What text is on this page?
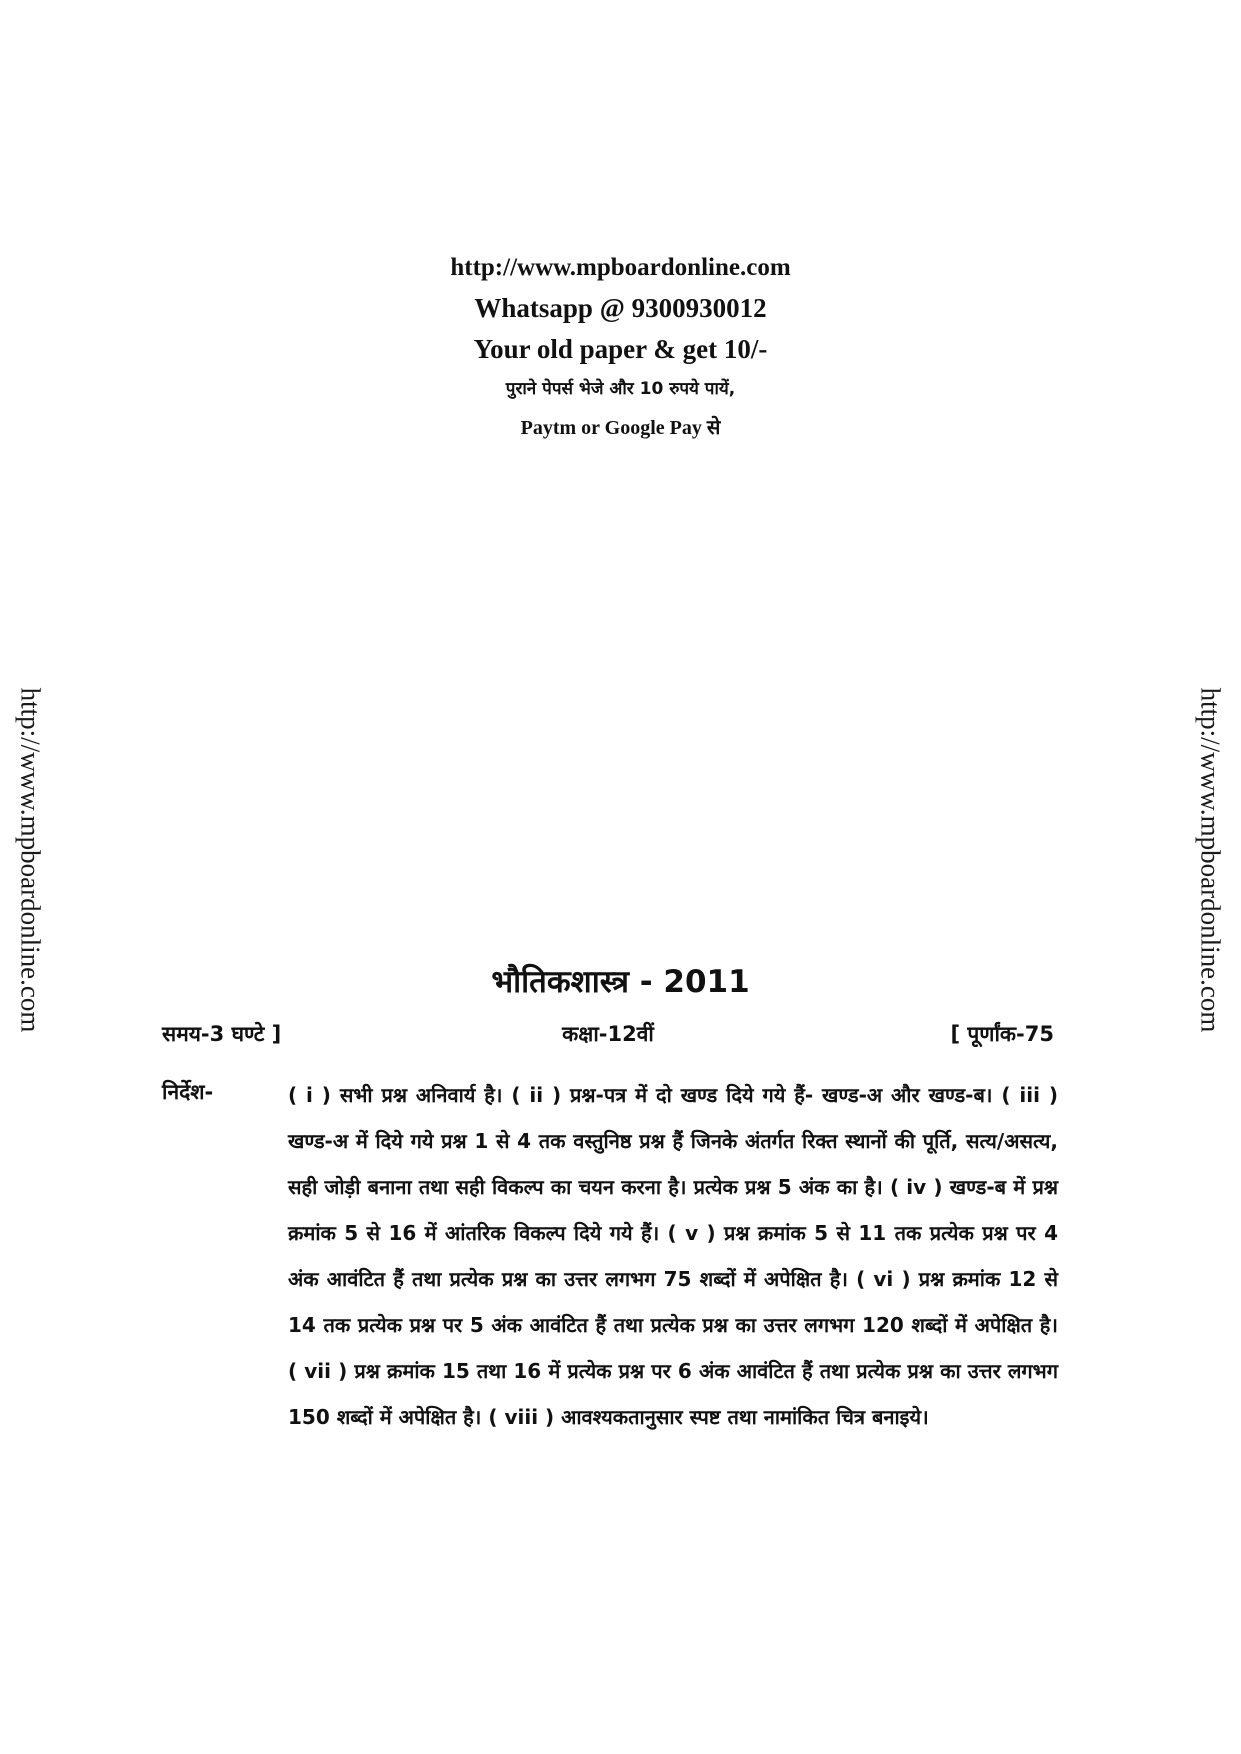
http://www.mpboardonline.com
Whatsapp @ 9300930012
Your old paper & get 10/-
पुराने पेपर्स भेजे और 10 रुपये पायें,
Paytm or Google Pay से
http://www.mpboardonline.com	http://www.mpboardonline.com
भौतिकशास्त्र - 2011
समय-3 घण्टे ]	कक्षा-12वीं	[ पूर्णांक-75
निर्देश-	( i ) सभी प्रश्न अनिवार्य है। ( ii ) प्रश्न-पत्र में दो खण्ड दिये गये हैं- खण्ड-अ और खण्ड-ब। ( iii ) खण्ड-अ में दिये गये प्रश्न 1 से 4 तक वस्तुनिष्ठ प्रश्न हैं जिनके अंतर्गत रिक्त स्थानों की पूर्ति, सत्य/असत्य, सही जोड़ी बनाना तथा सही विकल्प का चयन करना है। प्रत्येक प्रश्न 5 अंक का है। ( iv ) खण्ड-ब में प्रश्न क्रमांक 5 से 16 में आंतरिक विकल्प दिये गये हैं। ( v ) प्रश्न क्रमांक 5 से 11 तक प्रत्येक प्रश्न पर 4 अंक आवंटित हैं तथा प्रत्येक प्रश्न का उत्तर लगभग 75 शब्दों में अपेक्षित है। ( vi ) प्रश्न क्रमांक 12 से 14 तक प्रत्येक प्रश्न पर 5 अंक आवंटित हैं तथा प्रत्येक प्रश्न का उत्तर लगभग 120 शब्दों में अपेक्षित है। ( vii ) प्रश्न क्रमांक 15 तथा 16 में प्रत्येक प्रश्न पर 6 अंक आवंटित हैं तथा प्रत्येक प्रश्न का उत्तर लगभग 150 शब्दों में अपेक्षित है। ( viii ) आवश्यकतानुसार स्पष्ट तथा नामांकित चित्र बनाइये।
